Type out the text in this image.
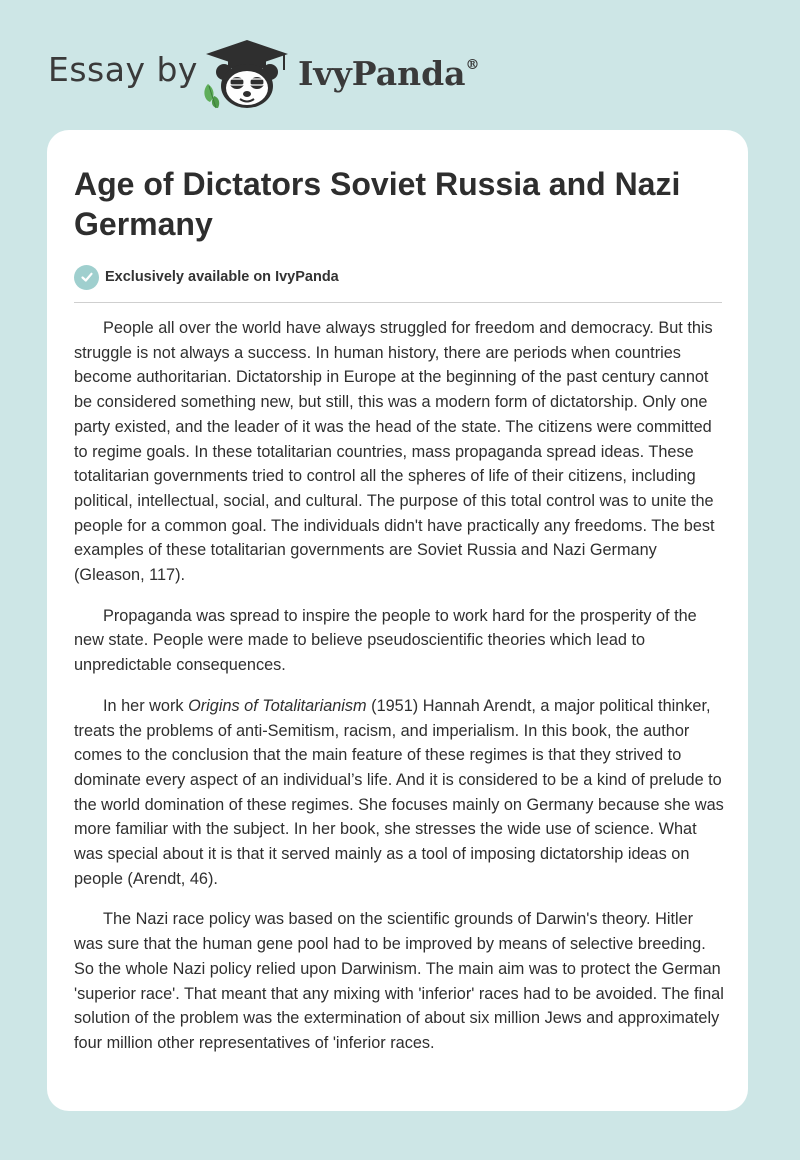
Essay by	IvyPanda®
Age of Dictators Soviet Russia and Nazi Germany
Exclusively available on IvyPanda

People all over the world have always struggled for freedom and democracy. But this struggle is not always a success. In human history, there are periods when countries become authoritarian. Dictatorship in Europe at the beginning of the past century cannot be considered something new, but still, this was a modern form of dictatorship. Only one party existed, and the leader of it was the head of the state. The citizens were committed to regime goals. In these totalitarian countries, mass propaganda spread ideas. These totalitarian governments tried to control all the spheres of life of their citizens, including political, intellectual, social, and cultural. The purpose of this total control was to unite the people for a common goal. The individuals didn't have practically any freedoms. The best examples of these totalitarian governments are Soviet Russia and Nazi Germany (Gleason, 117).

Propaganda was spread to inspire the people to work hard for the prosperity of the new state. People were made to believe pseudoscientific theories which lead to unpredictable consequences.

In her work Origins of Totalitarianism (1951) Hannah Arendt, a major political thinker, treats the problems of anti-Semitism, racism, and imperialism. In this book, the author comes to the conclusion that the main feature of these regimes is that they strived to dominate every aspect of an individual’s life. And it is considered to be a kind of prelude to the world domination of these regimes. She focuses mainly on Germany because she was more familiar with the subject. In her book, she stresses the wide use of science. What was special about it is that it served mainly as a tool of imposing dictatorship ideas on people (Arendt, 46).

The Nazi race policy was based on the scientific grounds of Darwin's theory. Hitler was sure that the human gene pool had to be improved by means of selective breeding. So the whole Nazi policy relied upon Darwinism. The main aim was to protect the German 'superior race'. That meant that any mixing with 'inferior' races had to be avoided. The final solution of the problem was the extermination of about six million Jews and approximately four million other representatives of 'inferior races.
